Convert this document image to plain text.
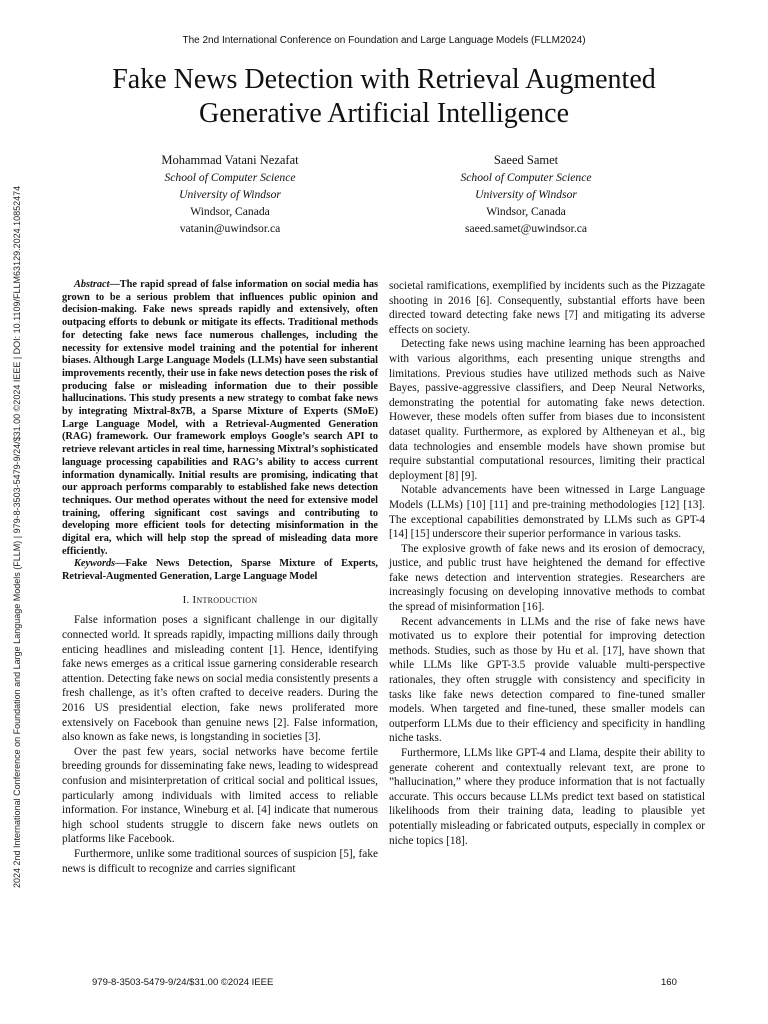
The 2nd International Conference on Foundation and Large Language Models (FLLM2024)
2024 2nd International Conference on Foundation and Large Language Models (FLLM) | 979-8-3503-5479-9/24/$31.00 ©2024 IEEE | DOI: 10.1109/FLLM63129.2024.10852474
Fake News Detection with Retrieval Augmented
Generative Artificial Intelligence
Mohammad Vatani Nezafat
School of Computer Science
University of Windsor
Windsor, Canada
vatanin@uwindsor.ca
Saeed Samet
School of Computer Science
University of Windsor
Windsor, Canada
saeed.samet@uwindsor.ca

Abstract—The rapid spread of false information on social media has grown to be a serious problem that influences public opinion and decision-making. Fake news spreads rapidly and extensively, often outpacing efforts to debunk or mitigate its effects. Traditional methods for detecting fake news face numerous challenges, including the necessity for extensive model training and the potential for inherent biases. Although Large Language Models (LLMs) have seen substantial improvements recently, their use in fake news detection poses the risk of producing false or misleading information due to their possible hallucinations. This study presents a new strategy to combat fake news by integrating Mixtral-8x7B, a Sparse Mixture of Experts (SMoE) Large Language Model, with a Retrieval-Augmented Generation (RAG) framework. Our framework employs Google’s search API to retrieve relevant articles in real time, harnessing Mixtral’s sophisticated language processing capabilities and RAG’s ability to access current information dynamically. Initial results are promising, indicating that our approach performs comparably to established fake news detection techniques. Our method operates without the need for extensive model training, offering significant cost savings and contributing to developing more efficient tools for detecting misinformation in the digital era, which will help stop the spread of misleading data more efficiently.

Keywords—Fake News Detection, Sparse Mixture of Experts, Retrieval-Augmented Generation, Large Language Model

I. Introduction

False information poses a significant challenge in our digitally connected world. It spreads rapidly, impacting millions daily through enticing headlines and misleading content [1]. Hence, identifying fake news emerges as a critical issue garnering considerable research attention. Detecting fake news on social media consistently presents a fresh challenge, as it’s often crafted to deceive readers. During the 2016 US presidential election, fake news proliferated more extensively on Facebook than genuine news [2]. False information, also known as fake news, is longstanding in societies [3].

Over the past few years, social networks have become fertile breeding grounds for disseminating fake news, leading to widespread confusion and misinterpretation of critical social and political issues, particularly among individuals with limited access to reliable information. For instance, Wineburg et al. [4] indicate that numerous high school students struggle to discern fake news outlets on platforms like Facebook.

Furthermore, unlike some traditional sources of suspicion [5], fake news is difficult to recognize and carries significant

societal ramifications, exemplified by incidents such as the Pizzagate shooting in 2016 [6]. Consequently, substantial efforts have been directed toward detecting fake news [7] and mitigating its adverse effects on society.

Detecting fake news using machine learning has been approached with various algorithms, each presenting unique strengths and limitations. Previous studies have utilized methods such as Naive Bayes, passive-aggressive classifiers, and Deep Neural Networks, demonstrating the potential for automating fake news detection. However, these models often suffer from biases due to inconsistent dataset quality. Furthermore, as explored by Altheneyan et al., big data technologies and ensemble models have shown promise but require substantial computational resources, limiting their practical deployment [8] [9].

Notable advancements have been witnessed in Large Language Models (LLMs) [10] [11] and pre-training methodologies [12] [13]. The exceptional capabilities demonstrated by LLMs such as GPT-4 [14] [15] underscore their superior performance in various tasks.

The explosive growth of fake news and its erosion of democracy, justice, and public trust have heightened the demand for effective fake news detection and intervention strategies. Researchers are increasingly focusing on developing innovative methods to combat the spread of misinformation [16].

Recent advancements in LLMs and the rise of fake news have motivated us to explore their potential for improving detection methods. Studies, such as those by Hu et al. [17], have shown that while LLMs like GPT-3.5 provide valuable multi-perspective rationales, they often struggle with consistency and specificity in tasks like fake news detection compared to fine-tuned smaller models. When targeted and fine-tuned, these smaller models can outperform LLMs due to their efficiency and specificity in handling niche tasks.

Furthermore, LLMs like GPT-4 and Llama, despite their ability to generate coherent and contextually relevant text, are prone to ”hallucination,” where they produce information that is not factually accurate. This occurs because LLMs predict text based on statistical likelihoods from their training data, leading to plausible yet potentially misleading or fabricated outputs, especially in complex or niche topics [18].

979-8-3503-5479-9/24/$31.00 ©2024 IEEE	160
